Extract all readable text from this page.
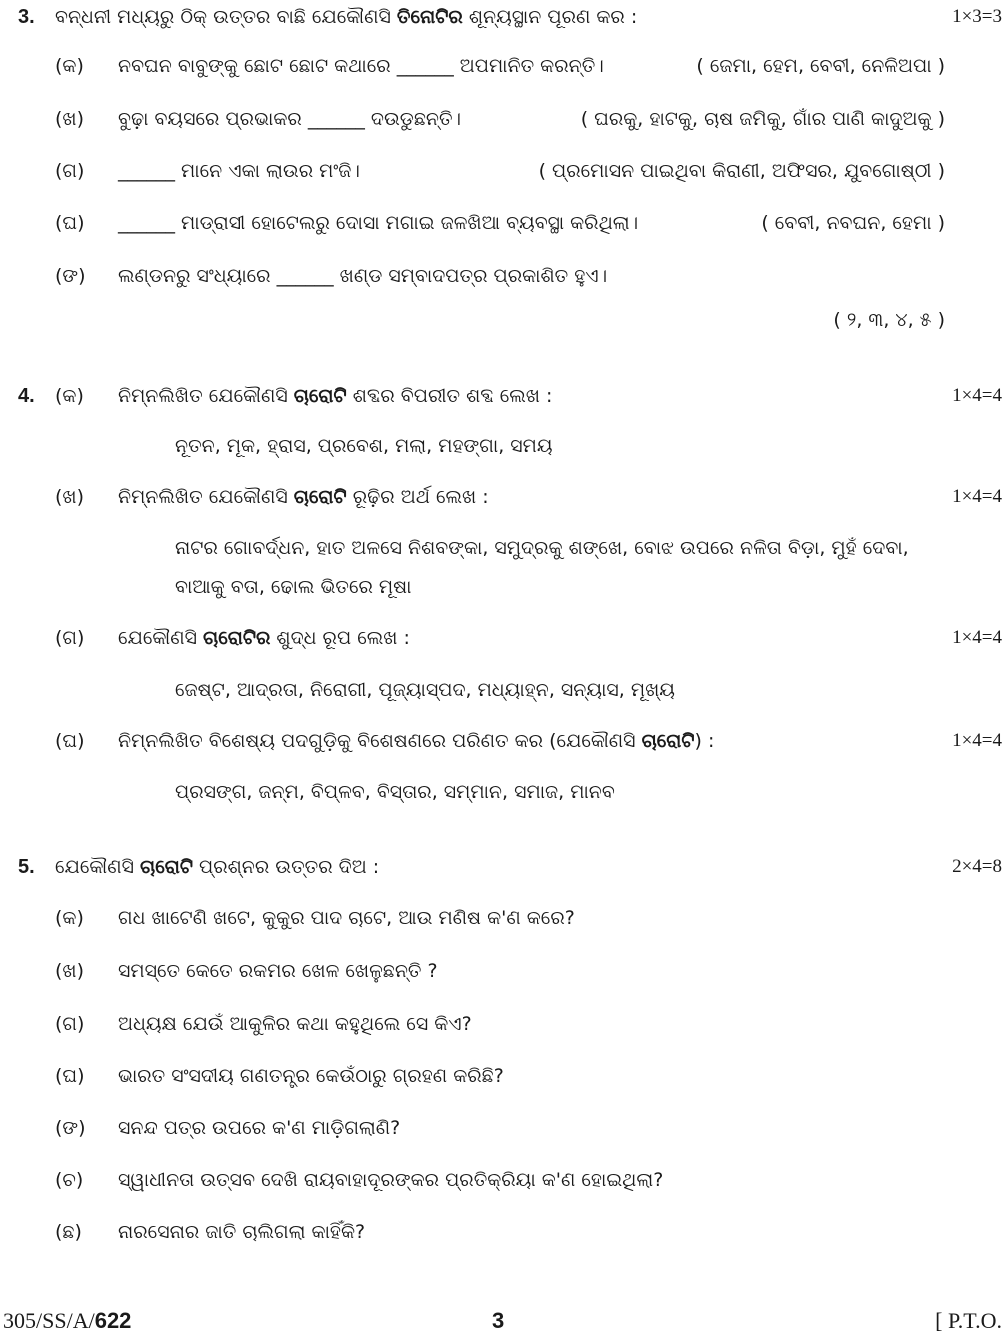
3. ବନ୍ଧନୀ ମଧ୍ୟରୁ ଠିକ୍ ଉତ୍ତର ବାଛି ଯେକୌଣସି ତିନୋଟିର ଶୂନ୍ୟସ୍ଥାନ ପୂରଣ କର :	1×3=3
(କ) ନବଘନ ବାବୁଙ୍କୁ ଛୋଟ ଛୋଟ କଥାରେ ______ ଅପମାନିତ କରନ୍ତି।	( ଜେମା, ହେମ, ବେବୀ, ନେଳିଅପା )
(ଖ) ବୁଢ଼ା ବୟସରେ ପ୍ରଭାକର ______ ଦଉଡୁଛନ୍ତି।	( ଘରକୁ, ହାଟକୁ, ଚାଷ ଜମିକୁ, ଗାଁର ପାଣି କାଦୁଅକୁ )
(ଗ) ______ ମାନେ ଏକା ଲାଉର ମଂଜି।	( ପ୍ରମୋସନ ପାଇଥିବା କିରାଣୀ, ଅଫିସର, ଯୁବଗୋଷ୍ଠୀ )
(ଘ) ______ ମାଡ୍ରାସୀ ହୋଟେଲରୁ ଦୋସା ମଗାଇ ଜଳଖିଆ ବ୍ୟବସ୍ଥା କରିଥିଲା।	( ବେବୀ, ନବଘନ, ହେମା )
(ଙ) ଲଣ୍ଡନରୁ ସଂଧ୍ୟାରେ ______ ଖଣ୍ଡ ସମ୍ବାଦପତ୍ର ପ୍ରକାଶିତ ହୁଏ।
( ୨, ୩, ୪, ୫ )
4. (କ) ନିମ୍ନଲିଖିତ ଯେକୌଣସି ଚାରୋଟି ଶବ୍ଦର ବିପରୀତ ଶବ୍ଦ ଲେଖ :	1×4=4
ନୂତନ, ମୂକ, ହ୍ରାସ, ପ୍ରବେଶ, ମଲା, ମହଙ୍ଗା, ସମୟ
(ଖ) ନିମ୍ନଲିଖିତ ଯେକୌଣସି ଚାରୋଟି ରୂଢ଼ିର ଅର୍ଥ ଲେଖ :	1×4=4
ନାଟର ଗୋବର୍ଦ୍ଧନ, ହାତ ଅଳସେ ନିଶବଙ୍କା, ସମୁଦ୍ରକୁ ଶଙ୍ଖେ, ବୋଝ ଉପରେ ନଳିତା ବିଡ଼ା, ମୁହଁ ଦେବା,
ବାଆକୁ ବତା, ଢୋଲ ଭିତରେ ମୂଷା
(ଗ) ଯେକୌଣସି ଚାରୋଟିର ଶୁଦ୍ଧ ରୂପ ଲେଖ :	1×4=4
ଜେଷ୍ଟ, ଆଦ୍ରତା, ନିରୋଗୀ, ପୂଜ୍ୟାସ୍ପଦ, ମଧ୍ୟାହ୍ନ, ସନ୍ୟାସ, ମୂଖ୍ୟ
(ଘ) ନିମ୍ନଲିଖିତ ବିଶେଷ୍ୟ ପଦଗୁଡ଼ିକୁ ବିଶେଷଣରେ ପରିଣତ କର (ଯେକୌଣସି ଚାରୋଟି) :	1×4=4
ପ୍ରସଙ୍ଗ, ଜନ୍ମ, ବିପ୍ଳବ, ବିସ୍ତାର, ସମ୍ମାନ, ସମାଜ, ମାନବ
5. ଯେକୌଣସି ଚାରୋଟି ପ୍ରଶ୍ନର ଉତ୍ତର ଦିଅ :	2×4=8
(କ) ଗଧ ଖାଟେଣି ଖଟେ, କୁକୁର ପାଦ ଚାଟେ, ଆଉ ମଣିଷ କ'ଣ କରେ?
(ଖ) ସମସ୍ତେ କେତେ ରକମର ଖେଳ ଖେଳୁଛନ୍ତି ?
(ଗ) ଅଧ୍ୟକ୍ଷ ଯେଉଁ ଆକୁଳିର କଥା କହୁଥିଲେ ସେ କିଏ?
(ଘ) ଭାରତ ସଂସଦୀୟ ଗଣତନ୍ତ୍ର କେଉଁଠାରୁ ଗ୍ରହଣ କରିଛି?
(ଙ) ସନନ୍ଦ ପତ୍ର ଉପରେ କ'ଣ ମାଡ଼ିଗଲାଣି?
(ଚ) ସ୍ୱାଧୀନତା ଉତ୍ସବ ଦେଖି ରାୟବାହାଦୂରଙ୍କର ପ୍ରତିକ୍ରିୟା କ'ଣ ହୋଇଥିଲା?
(ଛ) ନାରସେନାର ଜାତି ଚାଲିଗଲା କାହିଁକି?
305/SS/A/622	3	[ P.T.O.
